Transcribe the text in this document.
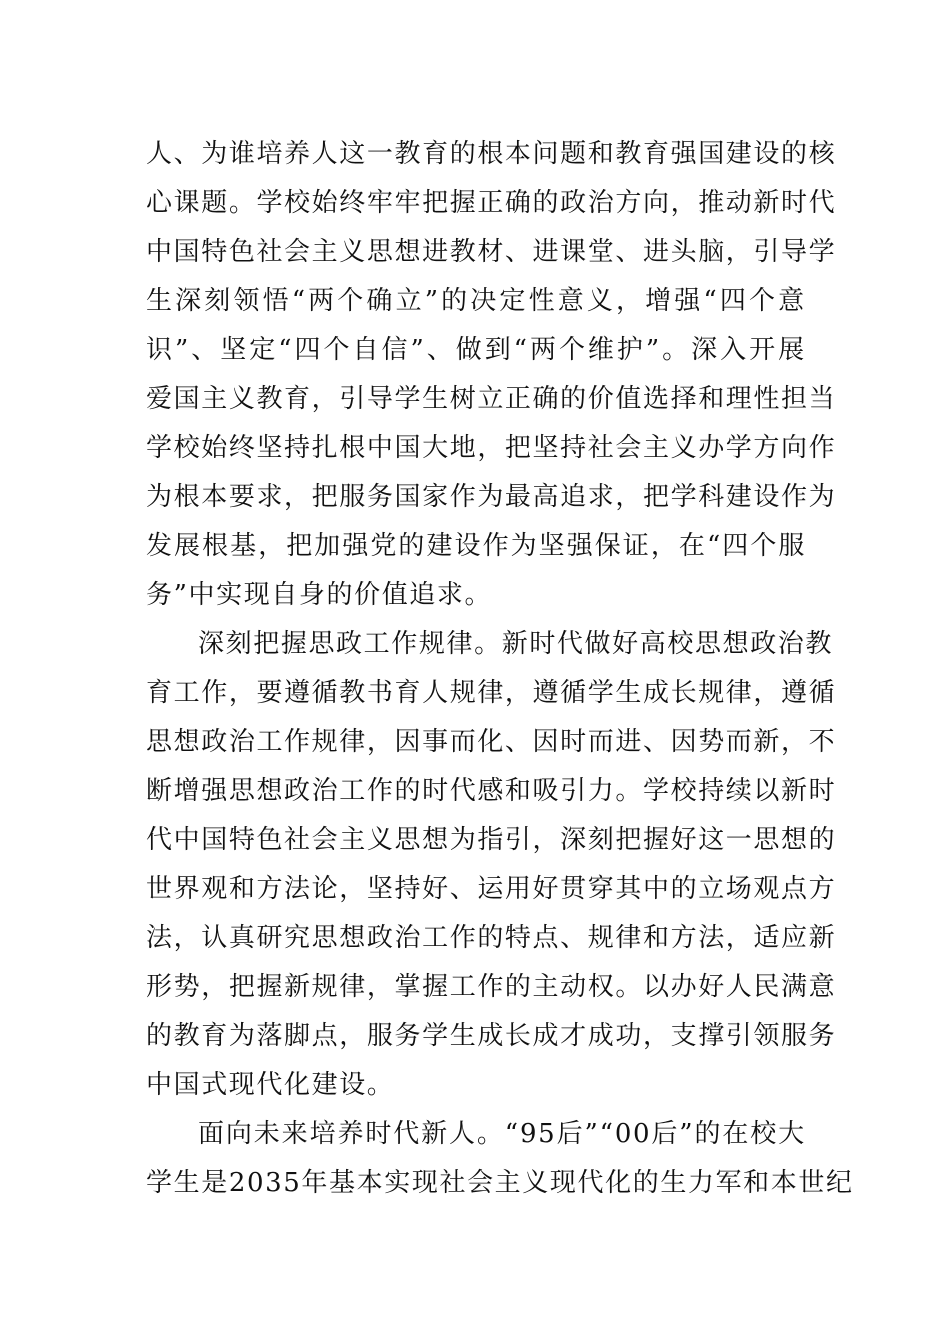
人 、 为 谁 培 养 人 这 一 教 育 的 根 本 问 题 和 教 育 强 国 建 设 的 核
心 课 题 。 学 校 始 终 牢 牢 把 握 正 确 的 政 治 方 向 ， 推 动 新 时 代
中 国 特 色 社 会 主 义 思 想 进 教 材 、 进 课 堂 、 进 头 脑 ， 引 导 学
生 深 刻 领 悟 “ 两 个 确 立 ” 的 决 定 性 意 义 ， 增 强 “ 四 个 意
识 ” 、 坚 定 “ 四 个 自 信 ” 、 做 到 “ 两 个 维 护 ” 。 深 入 开 展
爱 国 主 义 教 育 ， 引 导 学 生 树 立 正 确 的 价 值 选 择 和 理 性 担 当
学 校 始 终 坚 持 扎 根 中 国 大 地 ， 把 坚 持 社 会 主 义 办 学 方 向 作
为 根 本 要 求 ， 把 服 务 国 家 作 为 最 高 追 求 ， 把 学 科 建 设 作 为
发 展 根 基 ， 把 加 强 党 的 建 设 作 为 坚 强 保 证 ， 在 “ 四 个 服
务”中实现自身的价值追求。
深 刻 把 握 思 政 工 作 规 律 。 新 时 代 做 好 高 校 思 想 政 治 教
育 工 作 ， 要 遵 循 教 书 育 人 规 律 ， 遵 循 学 生 成 长 规 律 ， 遵 循
思 想 政 治 工 作 规 律 ， 因 事 而 化 、 因 时 而 进 、 因 势 而 新 ， 不
断 增 强 思 想 政 治 工 作 的 时 代 感 和 吸 引 力 。 学 校 持 续 以 新 时
代 中 国 特 色 社 会 主 义 思 想 为 指 引 ， 深 刻 把 握 好 这 一 思 想 的
世 界 观 和 方 法 论 ， 坚 持 好 、 运 用 好 贯 穿 其 中 的 立 场 观 点 方
法 ， 认 真 研 究 思 想 政 治 工 作 的 特 点 、 规 律 和 方 法 ， 适 应 新
形 势 ， 把 握 新 规 律 ， 掌 握 工 作 的 主 动 权 。 以 办 好 人 民 满 意
的 教 育 为 落 脚 点 ， 服 务 学 生 成 长 成 才 成 功 ， 支 撑 引 领 服 务
中国式现代化建设。
面 向 未 来 培 养 时 代 新 人 。 “ 95 后 ” “ 00 后 ” 的 在 校 大
学 生 是 2035 年 基 本 实 现 社 会 主 义 现 代 化 的 生 力 军 和 本 世 纪
